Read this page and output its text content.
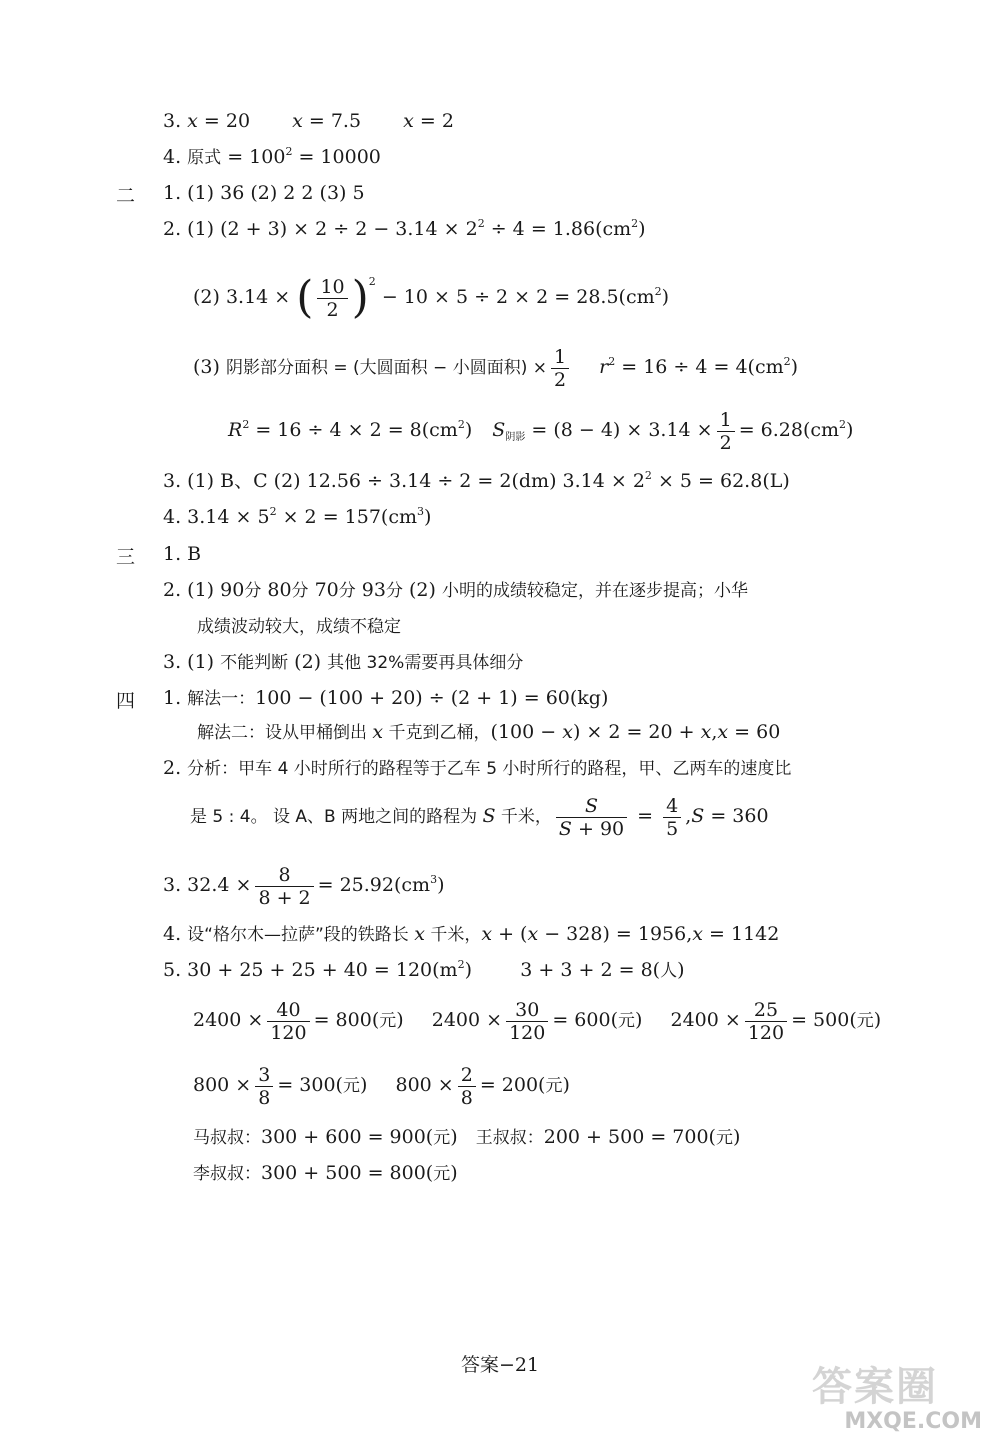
3. x = 20 x = 7.5 x = 2
4. 原式 = $100^2 = 10000$
二 1. (1) 36 (2) 2 2 (3) 5
2. (1) $(2 + 3) \times 2 \div 2 - 3.14 \times 2^2 \div 4 = 1.86(cm^2)$
(2) 3.14 × ( $\frac{10}{2} )^2 - 10 \times 5 \div 2 \times 2 = 28.5(cm^2)$
(3) 阴影部分面积 = (大圆面积 − 小圆面积) × $\frac{1}{2} r^2 = 16 \div 4 = 4(cm^2)$
$R^2 = 16 \div 4 \times 2 = 8(cm^2) S_{阴影} = (8 - 4) \times 3.14 \times \frac{1}{2} = 6.28(cm^2)$
3. (1) B、C (2) 12.56 ÷ 3.14 ÷ 2 = 2(dm) $3.14 \times 2^2 \times 5 = 62.8(L)$
4. $3.14 \times 5^2 \times 2 = 157(cm^3)$
三 1. B
2. (1) 90分 80分 70分 93分 (2) 小明的成绩较稳定，并在逐步提高；小华
成绩波动较大，成绩不稳定
3. (1) 不能判断 (2) 其他 32%需要再具体细分
四 1. 解法一：100 − (100 + 20) ÷ (2 + 1) = 60(kg)
解法二：设从甲桶倒出 x 千克到乙桶，(100 − x) × 2 = 20 + x,x = 60
2. 分析：甲车 4 小时所行的路程等于乙车 5 小时所行的路程，甲、乙两车的速度比
是 5 : 4。 设 A、B 两地之间的路程为 S 千米， $\frac{S}{S + 90} = \frac{4}{5} ,S = 360$
3. $32.4 \times \frac{8}{8 + 2} = 25.92(cm^3)$
4. 设“格尔木—拉萨”段的铁路长 x 千米，x + (x − 328) = 1956,x = 1142
5. $30 + 25 + 25 + 40 = 120(m^2)$        3 + 3 + 2 = 8(人)
$2400 \times \frac{40}{120} = 800$(元) $2400 \times \frac{30}{120} = 600$(元) $2400 \times \frac{25}{120} = 500$(元)
$800 \times \frac{3}{8} = 300$(元) $800 \times \frac{2}{8} = 200$(元)
马叔叔：300 + 600 = 900(元)   王叔叔：200 + 500 = 700(元)
李叔叔：300 + 500 = 800(元)
答案−21	答案圈
MXQE.COM
